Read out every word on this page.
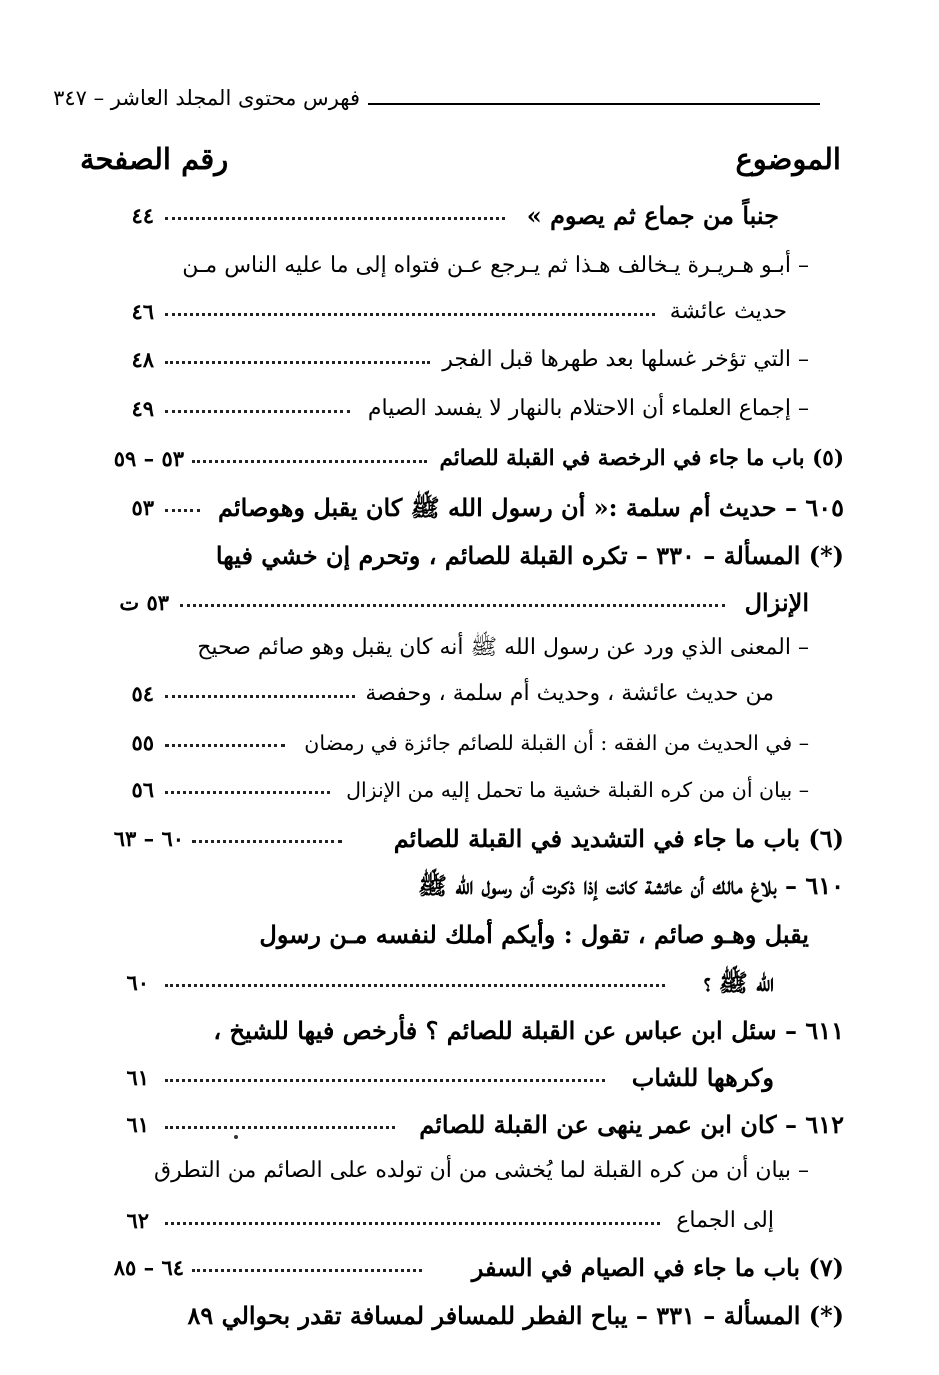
فهرس محتوى المجلد العاشر – ٣٤٧
الموضوع
رقم الصفحة
جنباً من جماع ثم يصوم »
٤٤
– أبـو هـريـرة يـخالف هـذا ثم يـرجع عـن فتواه إلى ما عليه الناس مـن
حديث عائشة
٤٦
– التي تؤخر غسلها بعد طهرها قبل الفجر
٤٨
– إجماع العلماء أن الاحتلام بالنهار لا يفسد الصيام
٤٩
(٥) باب ما جاء في الرخصة في القبلة للصائم
٥٣ – ٥٩
٦٠٥ – حديث أم سلمة :« أن رسول الله ﷺ كان يقبل وهوصائم
٥٣
(*) المسألة – ٣٣٠ – تكره القبلة للصائم ، وتحرم إن خشي فيها
الإنزال
٥٣ ت
– المعنى الذي ورد عن رسول الله ﷺ أنه كان يقبل وهو صائم صحيح
من حديث عائشة ، وحديث أم سلمة ، وحفصة
٥٤
– في الحديث من الفقه : أن القبلة للصائم جائزة في رمضان
٥٥
– بيان أن من كره القبلة خشية ما تحمل إليه من الإنزال
٥٦
(٦) باب ما جاء في التشديد في القبلة للصائم
٦٠ – ٦٣
٦١٠ – بلاغ مالك أن عائشة كانت إذا ذكرت أن رسول الله ﷺ
يقبل وهـو صائم ، تقول : وأيكم أملك لنفسه مـن رسول
الله ﷺ ؟
٦٠
٦١١ – سئل ابن عباس عن القبلة للصائم ؟ فأرخص فيها للشيخ ،
وكرهها للشاب
٦١
٦١٢ – كان ابن عمر ينهى عن القبلة للصائم
٦١
– بيان أن من كره القبلة لما يُخشى من أن تولده على الصائم من التطرق
إلى الجماع
٦٢
(٧) باب ما جاء في الصيام في السفر
٦٤ – ٨٥
(*) المسألة – ٣٣١ – يباح الفطر للمسافر لمسافة تقدر بحوالي ٨٩
